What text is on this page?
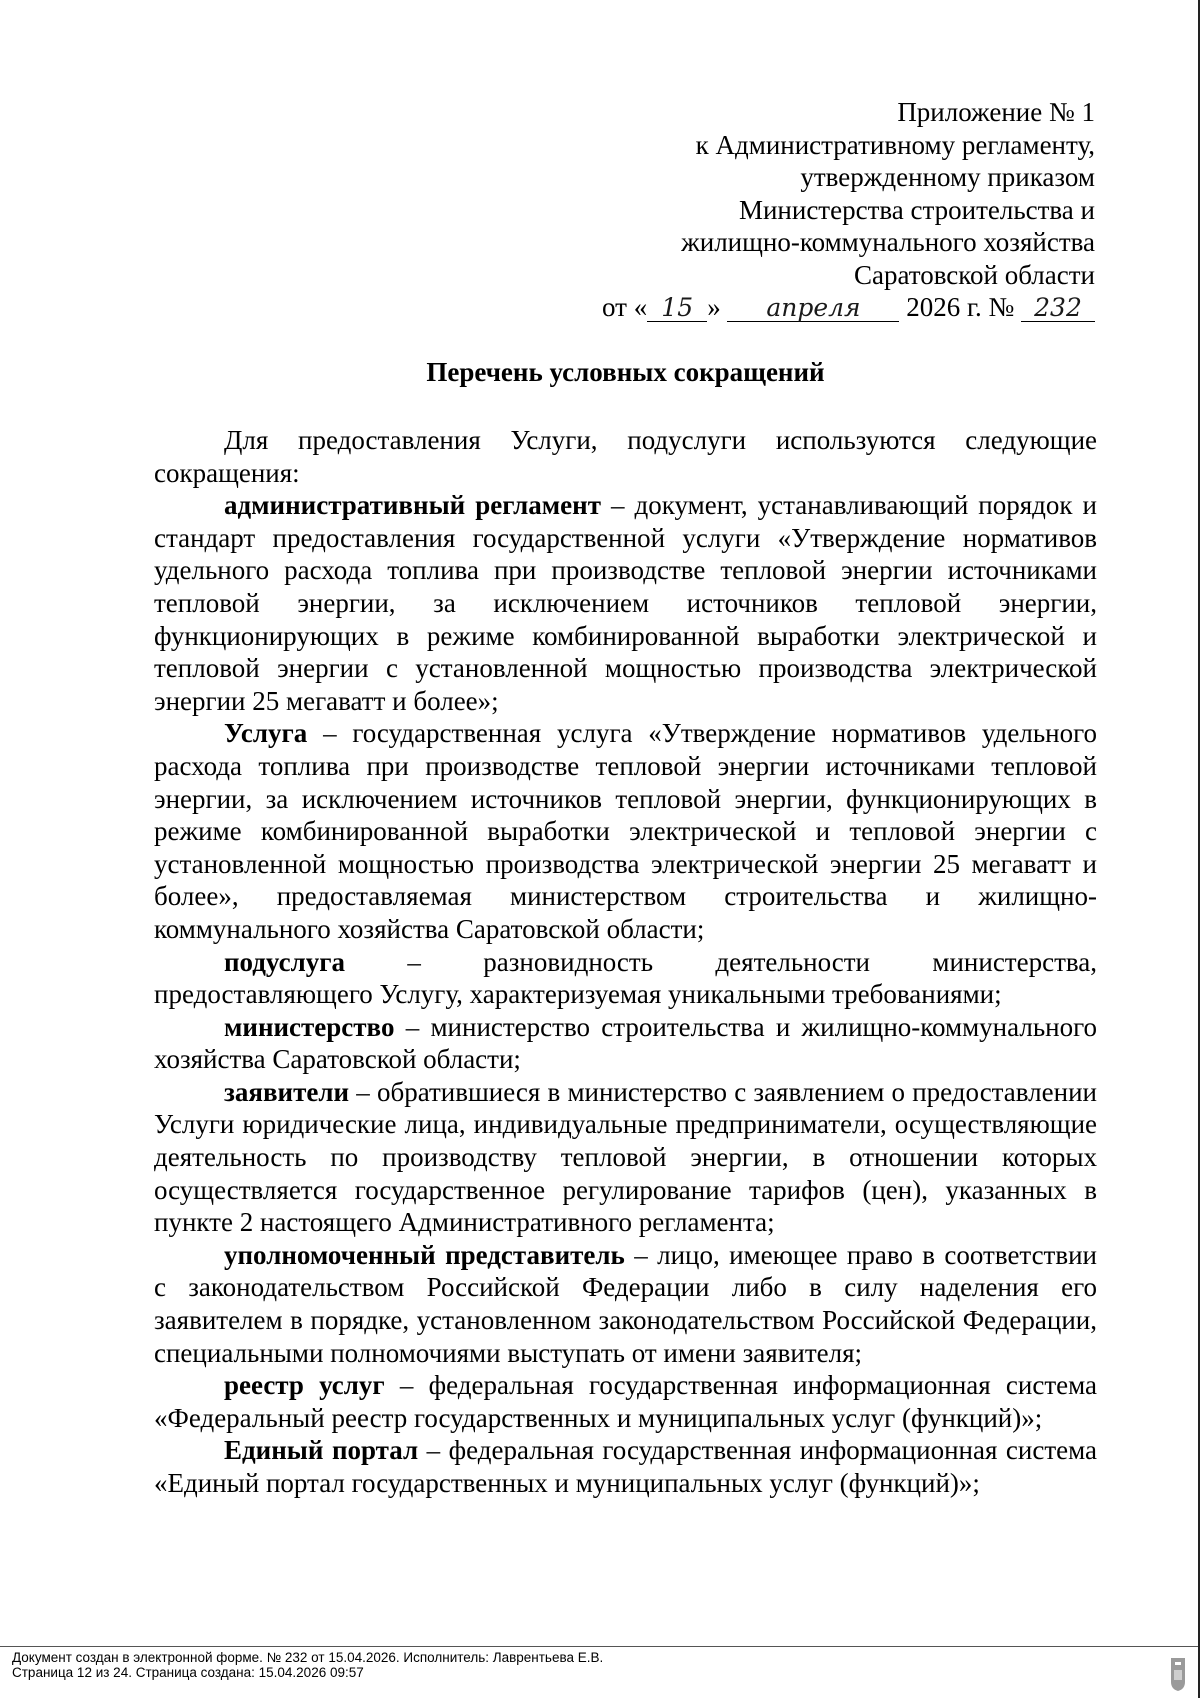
Приложение № 1
к Административному регламенту,
утвержденному приказом
Министерства строительства и
жилищно-коммунального хозяйства
Саратовской области
от « 15 » апреля 2026 г. № 232
Перечень условных сокращений

Для предоставления Услуги, подуслуги используются следующие сокращения:

административный регламент – документ, устанавливающий порядок и стандарт предоставления государственной услуги «Утверждение нормативов удельного расхода топлива при производстве тепловой энергии источниками тепловой энергии, за исключением источников тепловой энергии, функционирующих в режиме комбинированной выработки электрической и тепловой энергии с установленной мощностью производства электрической энергии 25 мегаватт и более»;

Услуга – государственная услуга «Утверждение нормативов удельного расхода топлива при производстве тепловой энергии источниками тепловой энергии, за исключением источников тепловой энергии, функционирующих в режиме комбинированной выработки электрической и тепловой энергии с установленной мощностью производства электрической энергии 25 мегаватт и более», предоставляемая министерством строительства и жилищно-коммунального хозяйства Саратовской области;

подуслуга – разновидность деятельности министерства, предоставляющего Услугу, характеризуемая уникальными требованиями;

министерство – министерство строительства и жилищно-коммунального хозяйства Саратовской области;

заявители – обратившиеся в министерство с заявлением о предоставлении Услуги юридические лица, индивидуальные предприниматели, осуществляющие деятельность по производству тепловой энергии, в отношении которых осуществляется государственное регулирование тарифов (цен), указанных в пункте 2 настоящего Административного регламента;

уполномоченный представитель – лицо, имеющее право в соответствии с законодательством Российской Федерации либо в силу наделения его заявителем в порядке, установленном законодательством Российской Федерации, специальными полномочиями выступать от имени заявителя;

реестр услуг – федеральная государственная информационная система «Федеральный реестр государственных и муниципальных услуг (функций)»;

Единый портал – федеральная государственная информационная система «Единый портал государственных и муниципальных услуг (функций)»;

Документ создан в электронной форме. № 232 от 15.04.2026. Исполнитель: Лаврентьева Е.В.
Страница 12 из 24. Страница создана: 15.04.2026 09:57
